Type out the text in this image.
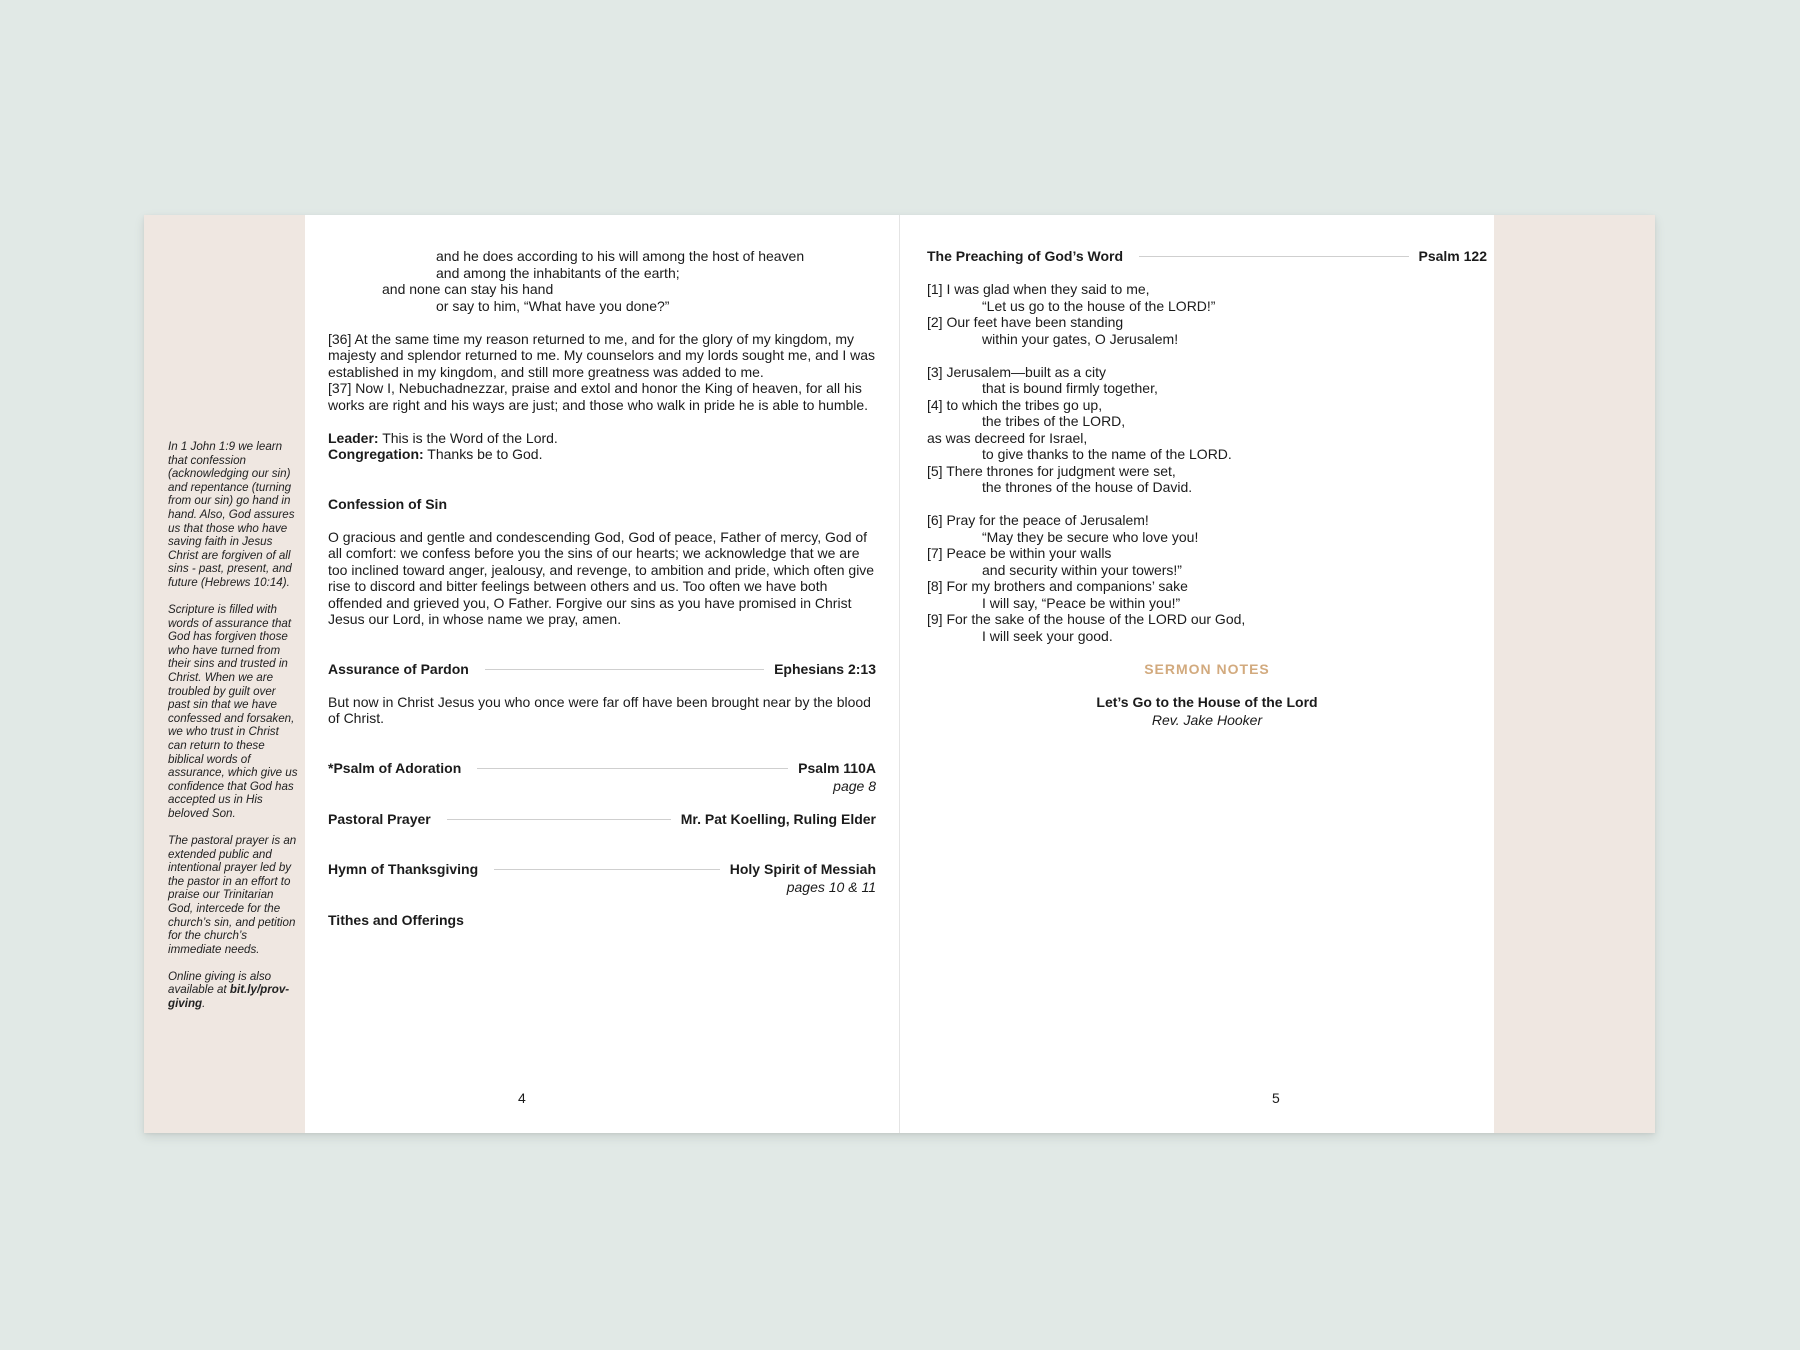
In 1 John 1:9 we learn that confession (acknowledging our sin) and repentance (turning from our sin) go hand in hand. Also, God assures us that those who have saving faith in Jesus Christ are forgiven of all sins - past, present, and future (Hebrews 10:14).

Scripture is filled with words of assurance that God has forgiven those who have turned from their sins and trusted in Christ. When we are troubled by guilt over past sin that we have confessed and forsaken, we who trust in Christ can return to these biblical words of assurance, which give us confidence that God has accepted us in His beloved Son.

The pastoral prayer is an extended public and intentional prayer led by the pastor in an effort to praise our Trinitarian God, intercede for the church’s sin, and petition for the church’s immediate needs.

Online giving is also available at bit.ly/prov-giving.

and he does according to his will among the host of heaven
and among the inhabitants of the earth;
and none can stay his hand
or say to him, “What have you done?”

[36] At the same time my reason returned to me, and for the glory of my kingdom, my majesty and splendor returned to me. My counselors and my lords sought me, and I was established in my kingdom, and still more greatness was added to me.

[37] Now I, Nebuchadnezzar, praise and extol and honor the King of heaven, for all his works are right and his ways are just; and those who walk in pride he is able to humble.

Leader: This is the Word of the Lord.
Congregation: Thanks be to God.
Confession of Sin

O gracious and gentle and condescending God, God of peace, Father of mercy, God of all comfort: we confess before you the sins of our hearts; we acknowledge that we are too inclined toward anger, jealousy, and revenge, to ambition and pride, which often give rise to discord and bitter feelings between others and us. Too often we have both offended and grieved you, O Father. Forgive our sins as you have promised in Christ Jesus our Lord, in whose name we pray, amen.

Assurance of Pardon	Ephesians 2:13

But now in Christ Jesus you who once were far off have been brought near by the blood of Christ.

*Psalm of Adoration	Psalm 110A
page 8
Pastoral Prayer	Mr. Pat Koelling, Ruling Elder
Hymn of Thanksgiving	Holy Spirit of Messiah
pages 10 & 11
Tithes and Offerings
4
The Preaching of God’s Word	Psalm 122
[1] I was glad when they said to me,
“Let us go to the house of the LORD!”
[2] Our feet have been standing
within your gates, O Jerusalem!
[3] Jerusalem—built as a city
that is bound firmly together,
[4] to which the tribes go up,
the tribes of the LORD,
as was decreed for Israel,
to give thanks to the name of the LORD.
[5] There thrones for judgment were set,
the thrones of the house of David.
[6] Pray for the peace of Jerusalem!
“May they be secure who love you!
[7] Peace be within your walls
and security within your towers!”
[8] For my brothers and companions’ sake
I will say, “Peace be within you!”
[9] For the sake of the house of the LORD our God,
I will seek your good.
SERMON NOTES
Let’s Go to the House of the Lord
Rev. Jake Hooker
5
